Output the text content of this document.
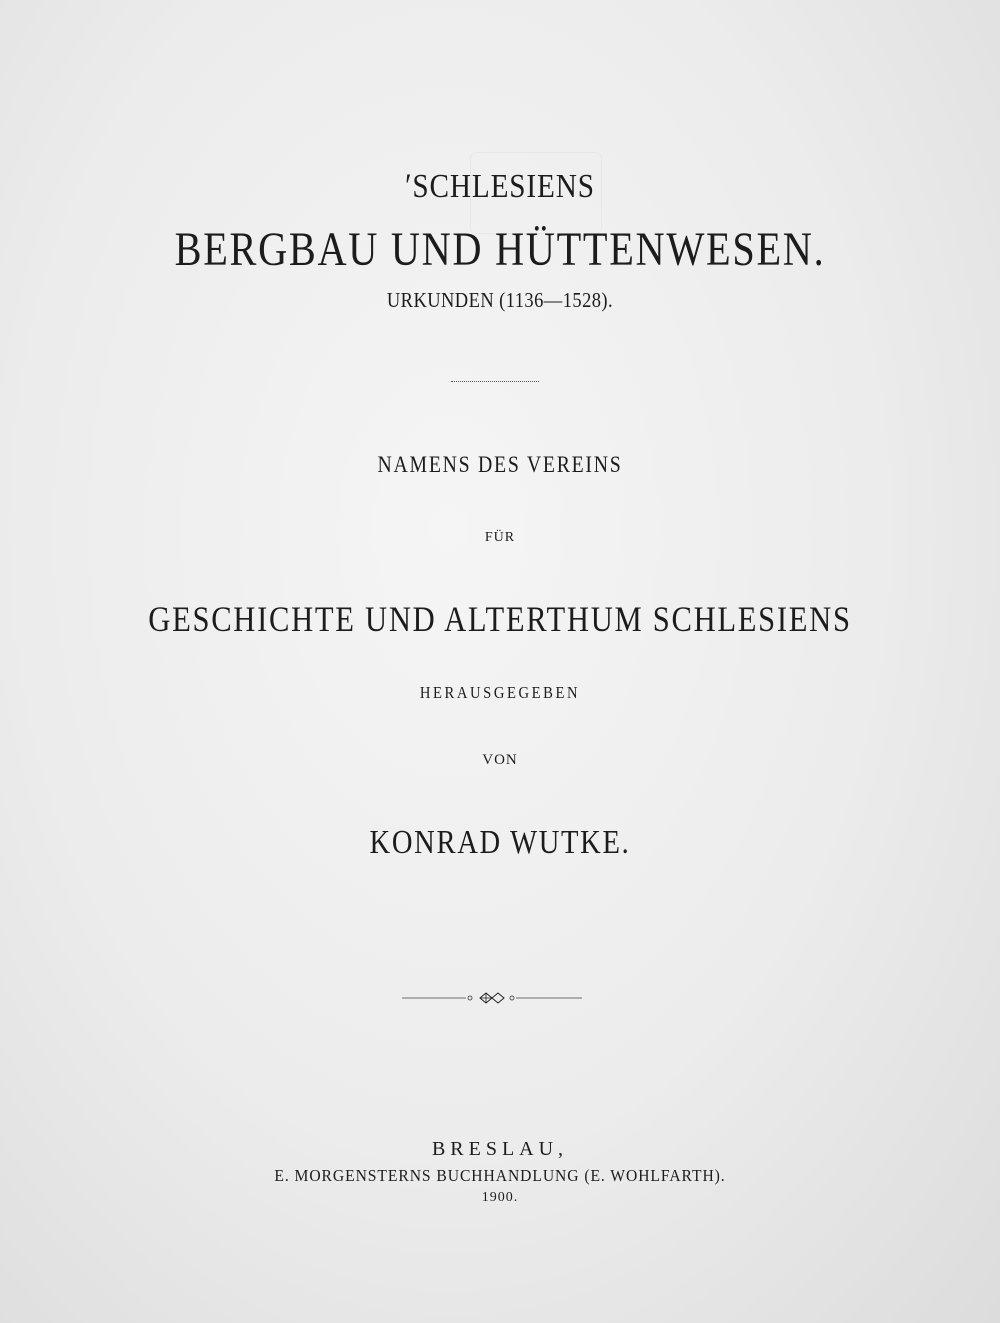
ʹSCHLESIENS
BERGBAU UND HÜTTENWESEN.
URKUNDEN (1136—1528).
NAMENS DES VEREINS
FÜR
GESCHICHTE UND ALTERTHUM SCHLESIENS
HERAUSGEGEBEN
VON
KONRAD WUTKE.
BRESLAU,
E. MORGENSTERNS BUCHHANDLUNG (E. WOHLFARTH).
1900.
